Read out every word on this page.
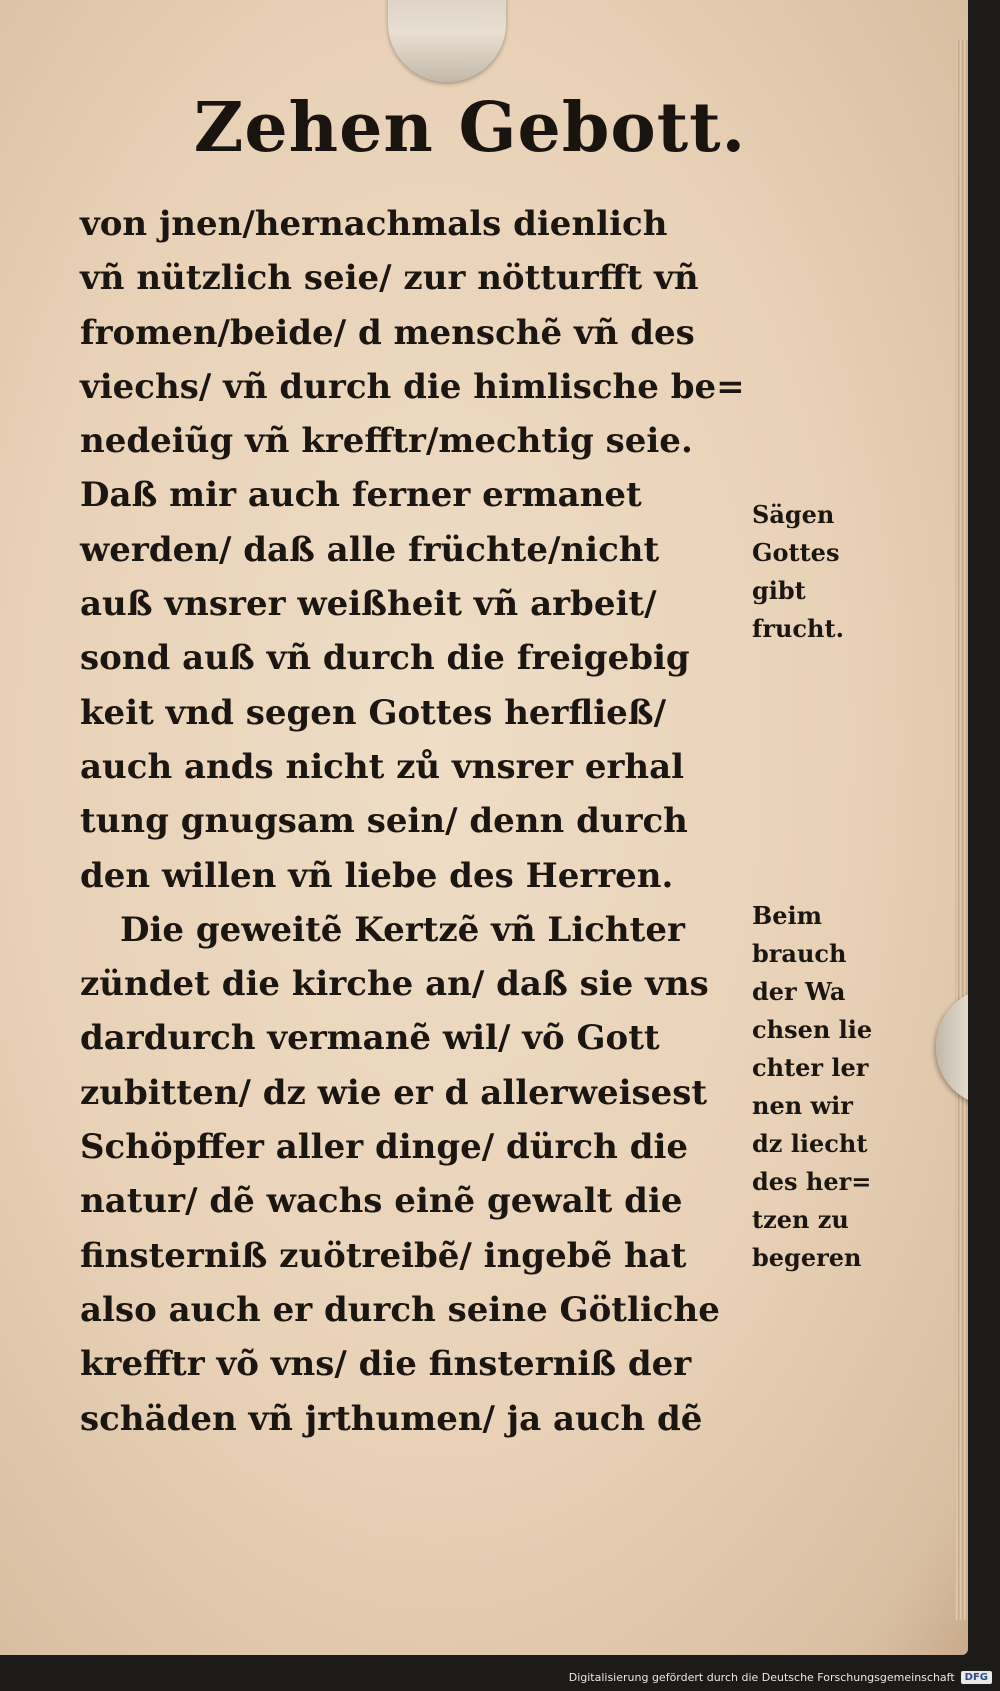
Zehen Gebott.
von jnen/hernachmals dienlich
vñ nützlich seie/ zur nötturfft vñ
fromen/beide/ d menschẽ vñ des
viechs/ vñ durch die himlische be=
nedeiũg vñ krefftr/mechtig seie.
Daß mir auch ferner ermanet
werden/ daß alle früchte/nicht
auß vnsrer weißheit vñ arbeit/
sond auß vñ durch die freigebig
keit vnd segen Gottes herfließ/
auch ands nicht zů vnsrer erhal
tung gnugsam sein/ denn durch
den willen vñ liebe des Herren.
Die geweitẽ Kertzẽ vñ Lichter
zündet die kirche an/ daß sie vns
dardurch vermanẽ wil/ võ Gott
zubitten/ dz wie er d allerweisest
Schöpffer aller dinge/ dürch die
natur/ dẽ wachs einẽ gewalt die
finsterniß zuötreibẽ/ ingebẽ hat
also auch er durch seine Götliche
krefftr võ vns/ die finsterniß der
schäden vñ jrthumen/ ja auch dẽ
Sägen
Gottes
gibt
frucht.
Beim
brauch
der Wa
chsen lie
chter ler
nen wir
dz liecht
des her=
tzen zu
begeren
Digitalisierung gefördert durch die Deutsche Forschungsgemeinschaft	DFG
